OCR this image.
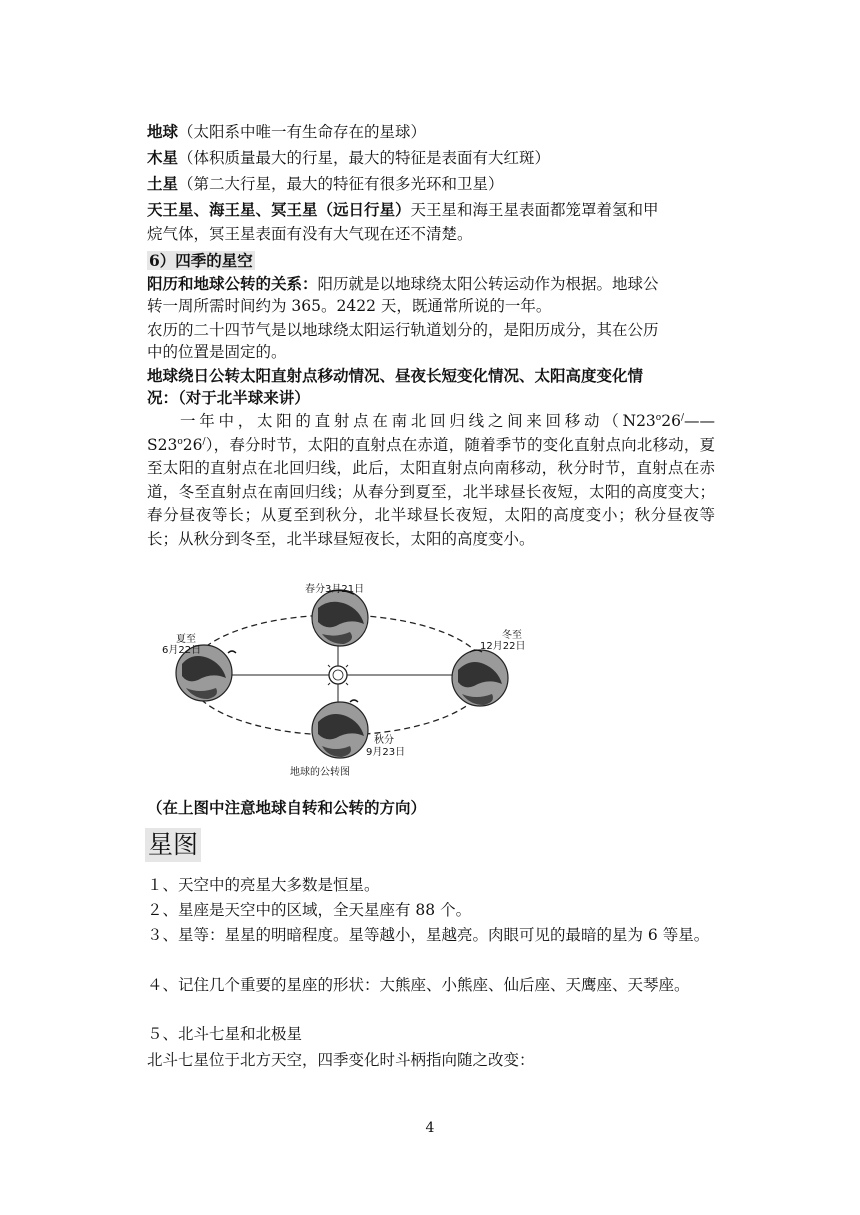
地球（太阳系中唯一有生命存在的星球）
木星（体积质量最大的行星，最大的特征是表面有大红斑）
土星（第二大行星，最大的特征有很多光环和卫星）
天王星、海王星、冥王星（远日行星）天王星和海王星表面都笼罩着氢和甲
烷气体，冥王星表面有没有大气现在还不清楚。
6）四季的星空
阳历和地球公转的关系：阳历就是以地球绕太阳公转运动作为根据。地球公
转一周所需时间约为 365。2422 天，既通常所说的一年。
农历的二十四节气是以地球绕太阳运行轨道划分的，是阳历成分，其在公历
中的位置是固定的。
地球绕日公转太阳直射点移动情况、昼夜长短变化情况、太阳高度变化情
况：（对于北半球来讲）
一年中，太阳的直射点在南北回归线之间来回移动（N23$^o$26/—— S23$^o$26/），春分时节，太阳的直射点在赤道，随着季节的变化直射点向北移动，夏至太阳的直射点在北回归线，此后，太阳直射点向南移动，秋分时节，直射点在赤道，冬至直射点在南回归线；从春分到夏至，北半球昼长夜短，太阳的高度变大；春分昼夜等长；从夏至到秋分，北半球昼长夜短，太阳的高度变小；秋分昼夜等长；从秋分到冬至，北半球昼短夜长，太阳的高度变小。
春分3月21日
夏至
6月22日
冬至
12月22日
秋分
9月23日
地球的公转图
（在上图中注意地球自转和公转的方向）
星图
１、天空中的亮星大多数是恒星。
２、星座是天空中的区域，全天星座有 88 个。
３、星等：星星的明暗程度。星等越小，星越亮。肉眼可见的最暗的星为 6 等星。
４、记住几个重要的星座的形状：大熊座、小熊座、仙后座、天鹰座、天琴座。
５、北斗七星和北极星
北斗七星位于北方天空，四季变化时斗柄指向随之改变：
4
